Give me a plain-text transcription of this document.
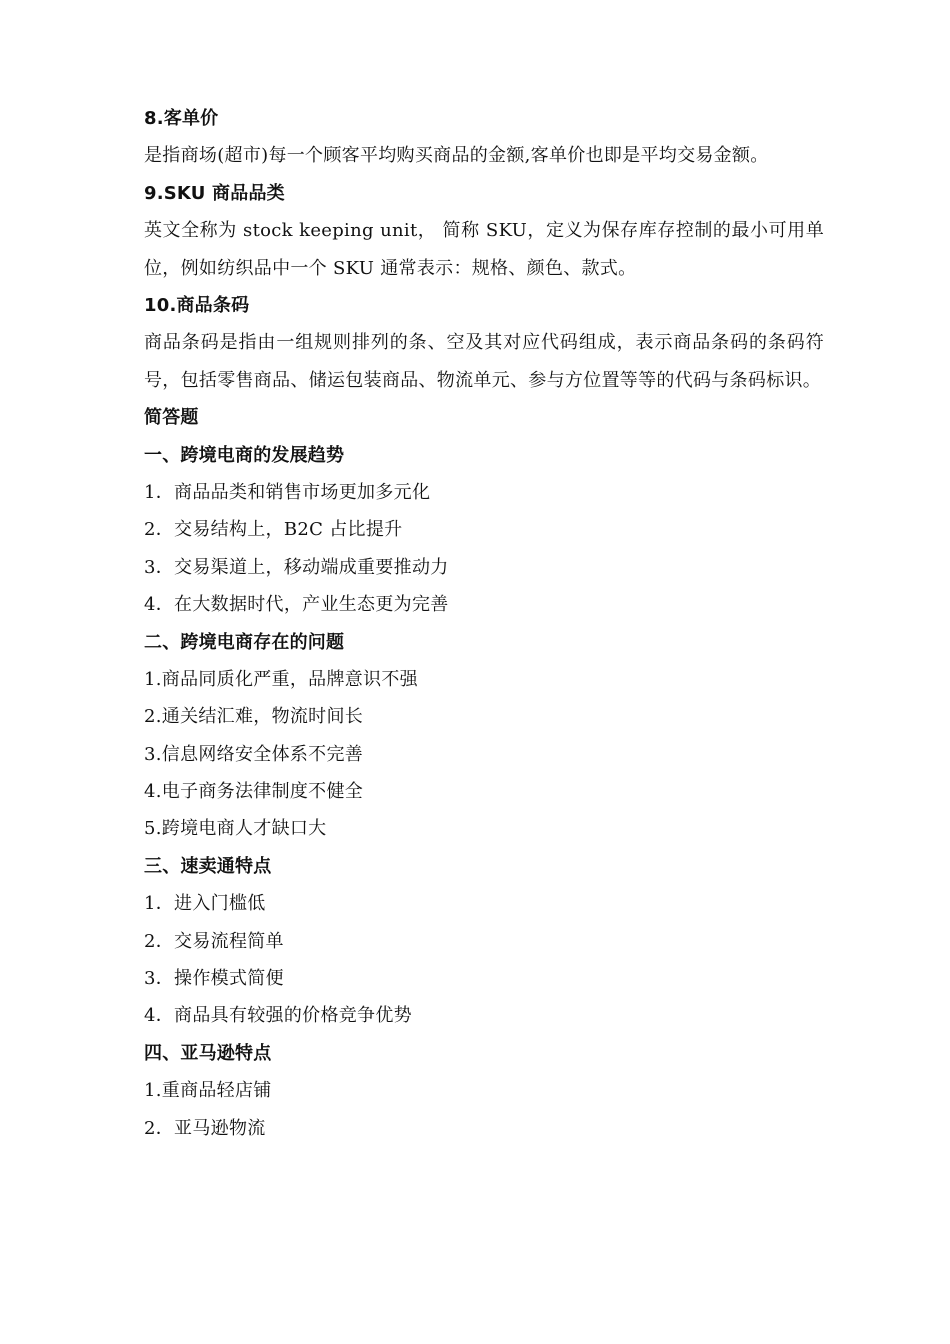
8.客单价
是指商场(超市)每一个顾客平均购买商品的金额,客单价也即是平均交易金额。
9.SKU 商品品类
英文全称为 stock keeping unit， 简称 SKU，定义为保存库存控制的最小可用单位，例如纺织品中一个 SKU 通常表示：规格、颜色、款式。
10.商品条码
商品条码是指由一组规则排列的条、空及其对应代码组成，表示商品条码的条码符号，包括零售商品、储运包装商品、物流单元、参与方位置等等的代码与条码标识。
简答题
一、跨境电商的发展趋势
1．商品品类和销售市场更加多元化
2．交易结构上，B2C 占比提升
3．交易渠道上，移动端成重要推动力
4．在大数据时代，产业生态更为完善
二、跨境电商存在的问题
1.商品同质化严重，品牌意识不强
2.通关结汇难，物流时间长
3.信息网络安全体系不完善
4.电子商务法律制度不健全
5.跨境电商人才缺口大
三、速卖通特点
1．进入门槛低
2．交易流程简单
3．操作模式简便
4．商品具有较强的价格竞争优势
四、亚马逊特点
1.重商品轻店铺
2．亚马逊物流
